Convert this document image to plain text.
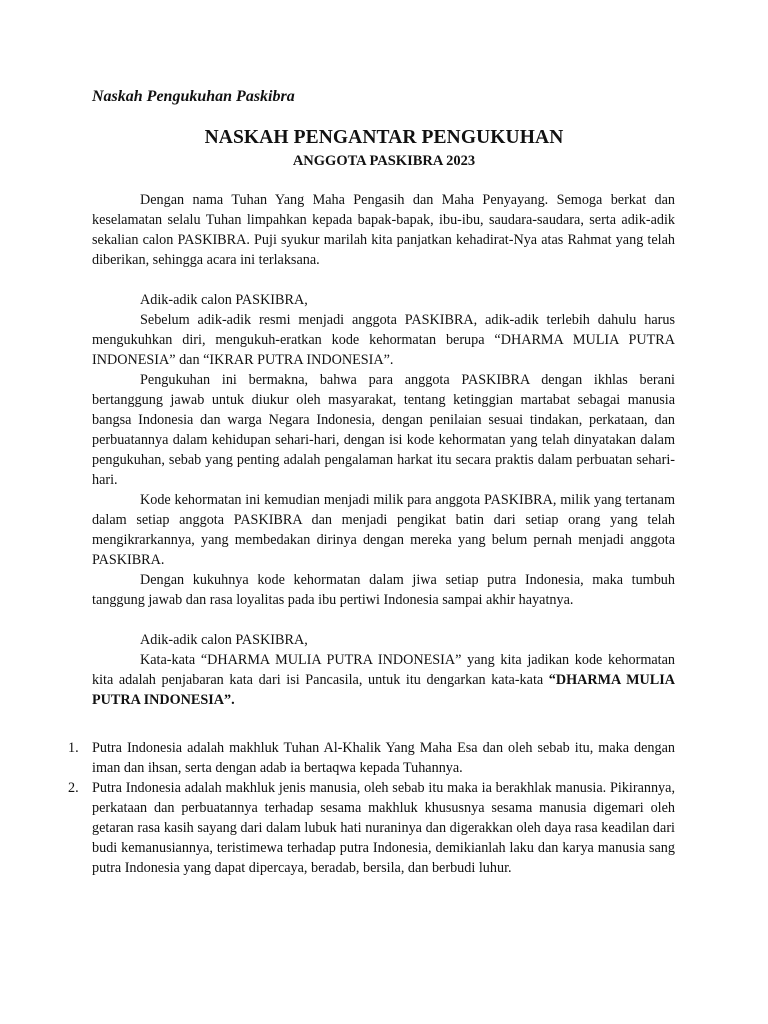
Naskah Pengukuhan Paskibra

NASKAH PENGANTAR PENGUKUHAN
ANGGOTA PASKIBRA 2023

Dengan nama Tuhan Yang Maha Pengasih dan Maha Penyayang. Semoga berkat dan keselamatan selalu Tuhan limpahkan kepada bapak-bapak, ibu-ibu, saudara-saudara, serta adik-adik sekalian calon PASKIBRA. Puji syukur marilah kita panjatkan kehadirat-Nya atas Rahmat yang telah diberikan, sehingga acara ini terlaksana.

Adik-adik calon PASKIBRA,

Sebelum adik-adik resmi menjadi anggota PASKIBRA, adik-adik terlebih dahulu harus mengukuhkan diri, mengukuh-eratkan kode kehormatan berupa “DHARMA MULIA PUTRA INDONESIA” dan “IKRAR PUTRA INDONESIA”.

Pengukuhan ini bermakna, bahwa para anggota PASKIBRA dengan ikhlas berani bertanggung jawab untuk diukur oleh masyarakat, tentang ketinggian martabat sebagai manusia bangsa Indonesia dan warga Negara Indonesia, dengan penilaian sesuai tindakan, perkataan, dan perbuatannya dalam kehidupan sehari-hari, dengan isi kode kehormatan yang telah dinyatakan dalam pengukuhan, sebab yang penting adalah pengalaman harkat itu secara praktis dalam perbuatan sehari-hari.

Kode kehormatan ini kemudian menjadi milik para anggota PASKIBRA, milik yang tertanam dalam setiap anggota PASKIBRA dan menjadi pengikat batin dari setiap orang yang telah mengikrarkannya, yang membedakan dirinya dengan mereka yang belum pernah menjadi anggota PASKIBRA.

Dengan kukuhnya kode kehormatan dalam jiwa setiap putra Indonesia, maka tumbuh tanggung jawab dan rasa loyalitas pada ibu pertiwi Indonesia sampai akhir hayatnya.

Adik-adik calon PASKIBRA,

Kata-kata “DHARMA MULIA PUTRA INDONESIA” yang kita jadikan kode kehormatan kita adalah penjabaran kata dari isi Pancasila, untuk itu dengarkan kata-kata “DHARMA MULIA PUTRA INDONESIA”.

1. Putra Indonesia adalah makhluk Tuhan Al-Khalik Yang Maha Esa dan oleh sebab itu, maka dengan iman dan ihsan, serta dengan adab ia bertaqwa kepada Tuhannya.
2. Putra Indonesia adalah makhluk jenis manusia, oleh sebab itu maka ia berakhlak manusia. Pikirannya, perkataan dan perbuatannya terhadap sesama makhluk khususnya sesama manusia digemari oleh getaran rasa kasih sayang dari dalam lubuk hati nuraninya dan digerakkan oleh daya rasa keadilan dari budi kemanusiannya, teristimewa terhadap putra Indonesia, demikianlah laku dan karya manusia sang putra Indonesia yang dapat dipercaya, beradab, bersila, dan berbudi luhur.
